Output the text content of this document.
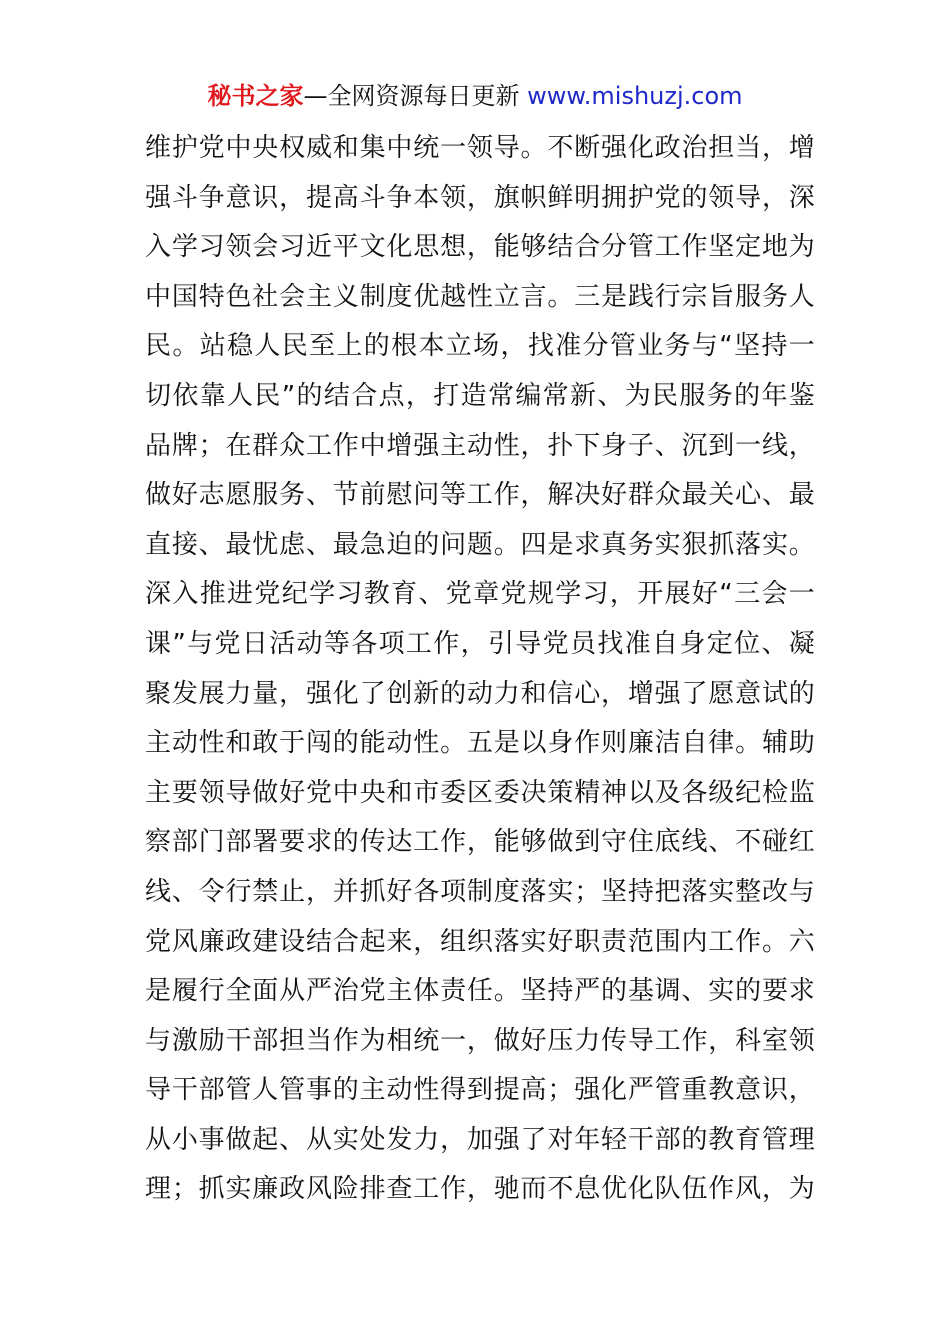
秘书之家—全网资源每日更新 www.mishuzj.com
维护党中央权威和集中统一领导。不断强化政治担当，增
强斗争意识，提高斗争本领，旗帜鲜明拥护党的领导，深
入学习领会习近平文化思想，能够结合分管工作坚定地为
中国特色社会主义制度优越性立言。三是践行宗旨服务人
民。站稳人民至上的根本立场，找准分管业务与“坚持一
切依靠人民”的结合点，打造常编常新、为民服务的年鉴
品牌；在群众工作中增强主动性，扑下身子、沉到一线，
做好志愿服务、节前慰问等工作，解决好群众最关心、最
直接、最忧虑、最急迫的问题。四是求真务实狠抓落实。
深入推进党纪学习教育、党章党规学习，开展好“三会一
课”与党日活动等各项工作，引导党员找准自身定位、凝
聚发展力量，强化了创新的动力和信心，增强了愿意试的
主动性和敢于闯的能动性。五是以身作则廉洁自律。辅助
主要领导做好党中央和市委区委决策精神以及各级纪检监
察部门部署要求的传达工作，能够做到守住底线、不碰红
线、令行禁止，并抓好各项制度落实；坚持把落实整改与
党风廉政建设结合起来，组织落实好职责范围内工作。六
是履行全面从严治党主体责任。坚持严的基调、实的要求
与激励干部担当作为相统一，做好压力传导工作，科室领
导干部管人管事的主动性得到提高；强化严管重教意识，
从小事做起、从实处发力，加强了对年轻干部的教育管理
理；抓实廉政风险排查工作，驰而不息优化队伍作风，为
